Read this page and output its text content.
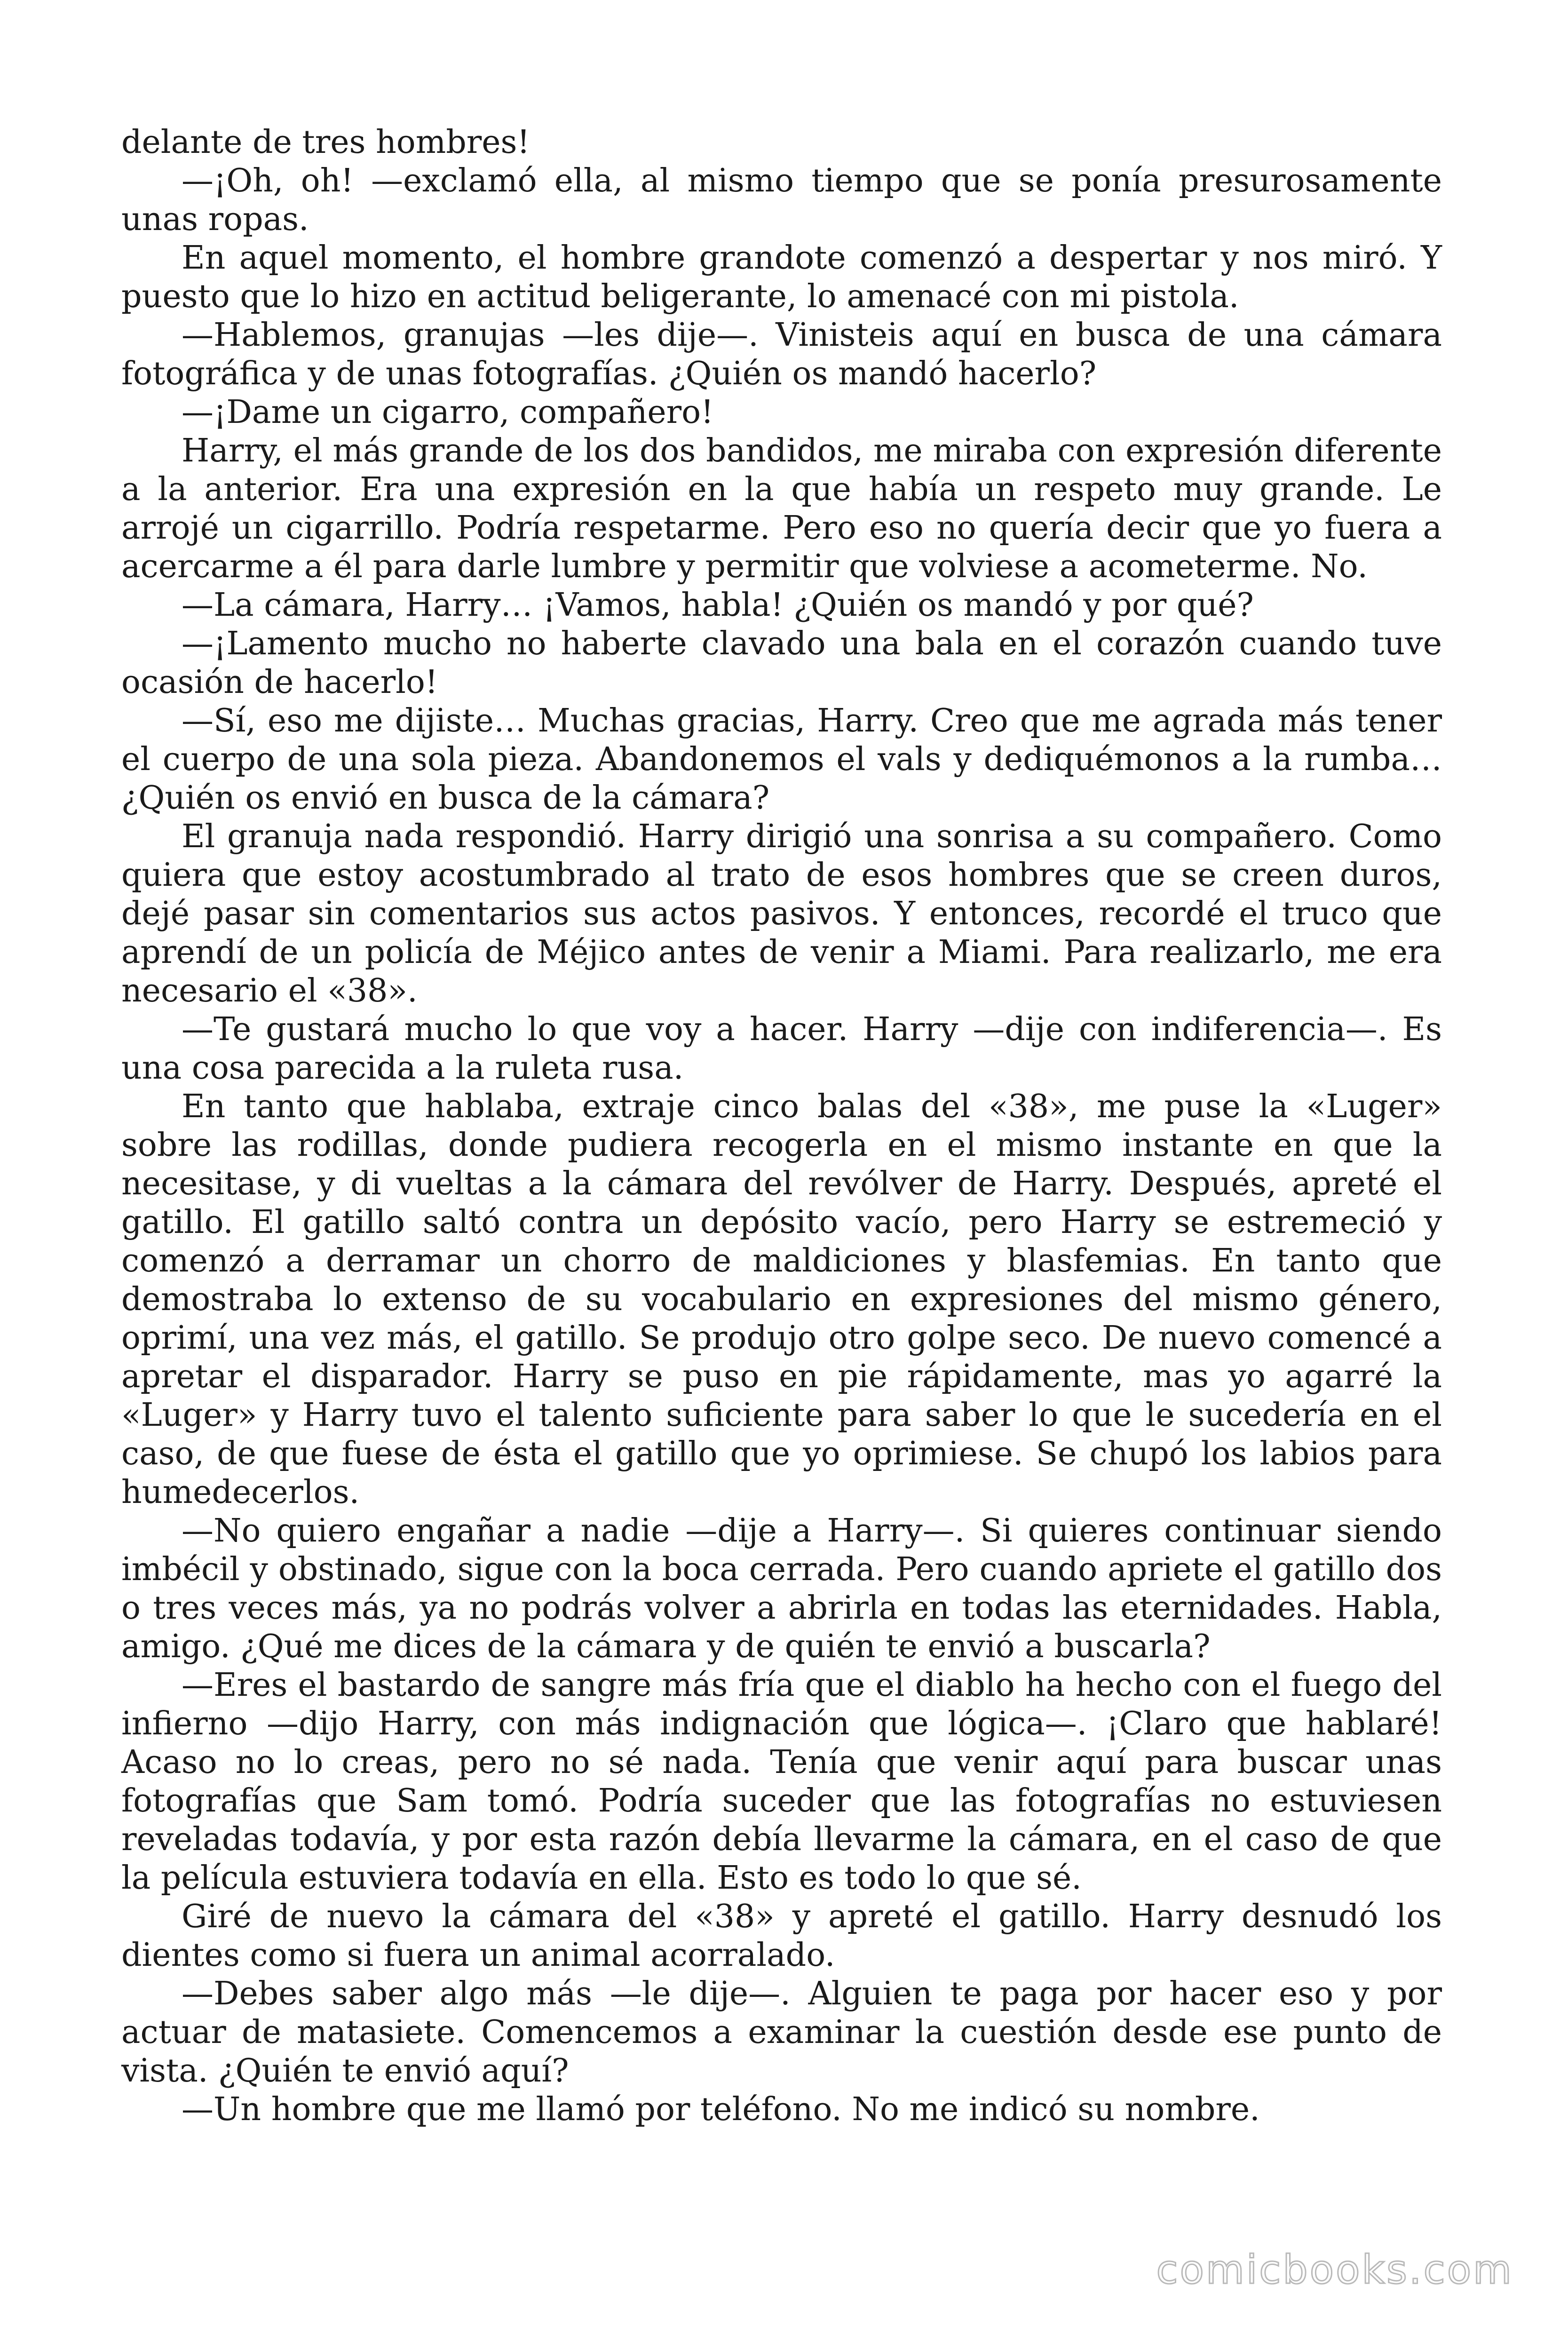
delante de tres hombres!

—¡Oh, oh! —exclamó ella, al mismo tiempo que se ponía presurosamente unas ropas.

En aquel momento, el hombre grandote comenzó a despertar y nos miró. Y puesto que lo hizo en actitud beligerante, lo amenacé con mi pistola.

—Hablemos, granujas —les dije—. Vinisteis aquí en busca de una cámara fotográfica y de unas fotografías. ¿Quién os mandó hacerlo?

—¡Dame un cigarro, compañero!

Harry, el más grande de los dos bandidos, me miraba con expresión diferente a la anterior. Era una expresión en la que había un respeto muy grande. Le arrojé un cigarrillo. Podría respetarme. Pero eso no quería decir que yo fuera a acercarme a él para darle lumbre y permitir que volviese a acometerme. No.

—La cámara, Harry… ¡Vamos, habla! ¿Quién os mandó y por qué?

—¡Lamento mucho no haberte clavado una bala en el corazón cuando tuve ocasión de hacerlo!

—Sí, eso me dijiste… Muchas gracias, Harry. Creo que me agrada más tener el cuerpo de una sola pieza. Abandonemos el vals y dediquémonos a la rumba… ¿Quién os envió en busca de la cámara?

El granuja nada respondió. Harry dirigió una sonrisa a su compañero. Como quiera que estoy acostumbrado al trato de esos hombres que se creen duros, dejé pasar sin comentarios sus actos pasivos. Y entonces, recordé el truco que aprendí de un policía de Méjico antes de venir a Miami. Para realizarlo, me era necesario el «38».

—Te gustará mucho lo que voy a hacer. Harry —dije con indiferencia—. Es una cosa parecida a la ruleta rusa.

En tanto que hablaba, extraje cinco balas del «38», me puse la «Luger» sobre las rodillas, donde pudiera recogerla en el mismo instante en que la necesitase, y di vueltas a la cámara del revólver de Harry. Después, apreté el gatillo. El gatillo saltó contra un depósito vacío, pero Harry se estremeció y comenzó a derramar un chorro de maldiciones y blasfemias. En tanto que demostraba lo extenso de su vocabulario en expresiones del mismo género, oprimí, una vez más, el gatillo. Se produjo otro golpe seco. De nuevo comencé a apretar el disparador. Harry se puso en pie rápidamente, mas yo agarré la «Luger» y Harry tuvo el talento suficiente para saber lo que le sucedería en el caso, de que fuese de ésta el gatillo que yo oprimiese. Se chupó los labios para humedecerlos.

—No quiero engañar a nadie —dije a Harry—. Si quieres continuar siendo imbécil y obstinado, sigue con la boca cerrada. Pero cuando apriete el gatillo dos o tres veces más, ya no podrás volver a abrirla en todas las eternidades. Habla, amigo. ¿Qué me dices de la cámara y de quién te envió a buscarla?

—Eres el bastardo de sangre más fría que el diablo ha hecho con el fuego del infierno —dijo Harry, con más indignación que lógica—. ¡Claro que hablaré! Acaso no lo creas, pero no sé nada. Tenía que venir aquí para buscar unas fotografías que Sam tomó. Podría suceder que las fotografías no estuviesen reveladas todavía, y por esta razón debía llevarme la cámara, en el caso de que la película estuviera todavía en ella. Esto es todo lo que sé.

Giré de nuevo la cámara del «38» y apreté el gatillo. Harry desnudó los dientes como si fuera un animal acorralado.

—Debes saber algo más —le dije—. Alguien te paga por hacer eso y por actuar de matasiete. Comencemos a examinar la cuestión desde ese punto de vista. ¿Quién te envió aquí?

—Un hombre que me llamó por teléfono. No me indicó su nombre.

comicbooks.com
